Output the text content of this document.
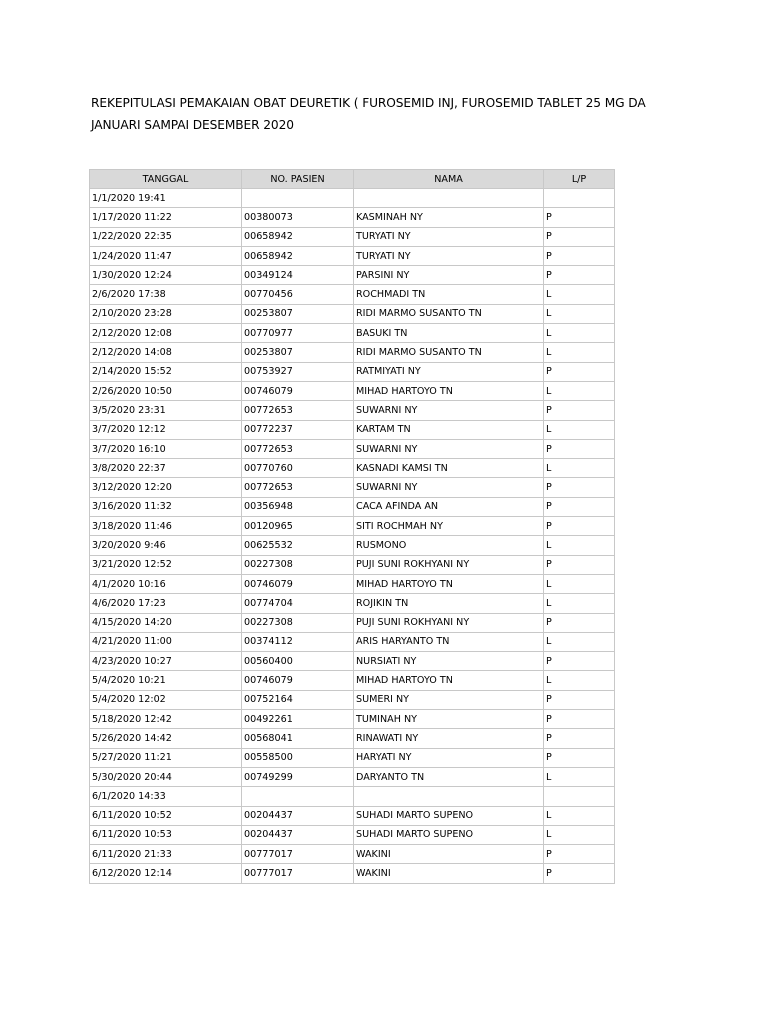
REKEPITULASI PEMAKAIAN OBAT DEURETIK ( FUROSEMID INJ, FUROSEMID TABLET 25 MG DA
JANUARI SAMPAI DESEMBER 2020
TANGGAL	NO. PASIEN	NAMA	L/P
1/1/2020 19:41			
1/17/2020 11:22	00380073	KASMINAH NY	P
1/22/2020 22:35	00658942	TURYATI NY	P
1/24/2020 11:47	00658942	TURYATI NY	P
1/30/2020 12:24	00349124	PARSINI NY	P
2/6/2020 17:38	00770456	ROCHMADI TN	L
2/10/2020 23:28	00253807	RIDI MARMO SUSANTO TN	L
2/12/2020 12:08	00770977	BASUKI TN	L
2/12/2020 14:08	00253807	RIDI MARMO SUSANTO TN	L
2/14/2020 15:52	00753927	RATMIYATI NY	P
2/26/2020 10:50	00746079	MIHAD HARTOYO TN	L
3/5/2020 23:31	00772653	SUWARNI NY	P
3/7/2020 12:12	00772237	KARTAM TN	L
3/7/2020 16:10	00772653	SUWARNI NY	P
3/8/2020 22:37	00770760	KASNADI KAMSI TN	L
3/12/2020 12:20	00772653	SUWARNI NY	P
3/16/2020 11:32	00356948	CACA AFINDA AN	P
3/18/2020 11:46	00120965	SITI ROCHMAH NY	P
3/20/2020 9:46	00625532	RUSMONO	L
3/21/2020 12:52	00227308	PUJI SUNI ROKHYANI NY	P
4/1/2020 10:16	00746079	MIHAD HARTOYO TN	L
4/6/2020 17:23	00774704	ROJIKIN TN	L
4/15/2020 14:20	00227308	PUJI SUNI ROKHYANI NY	P
4/21/2020 11:00	00374112	ARIS HARYANTO TN	L
4/23/2020 10:27	00560400	NURSIATI NY	P
5/4/2020 10:21	00746079	MIHAD HARTOYO TN	L
5/4/2020 12:02	00752164	SUMERI NY	P
5/18/2020 12:42	00492261	TUMINAH NY	P
5/26/2020 14:42	00568041	RINAWATI NY	P
5/27/2020 11:21	00558500	HARYATI NY	P
5/30/2020 20:44	00749299	DARYANTO TN	L
6/1/2020 14:33			
6/11/2020 10:52	00204437	SUHADI MARTO SUPENO	L
6/11/2020 10:53	00204437	SUHADI MARTO SUPENO	L
6/11/2020 21:33	00777017	WAKINI	P
6/12/2020 12:14	00777017	WAKINI	P
